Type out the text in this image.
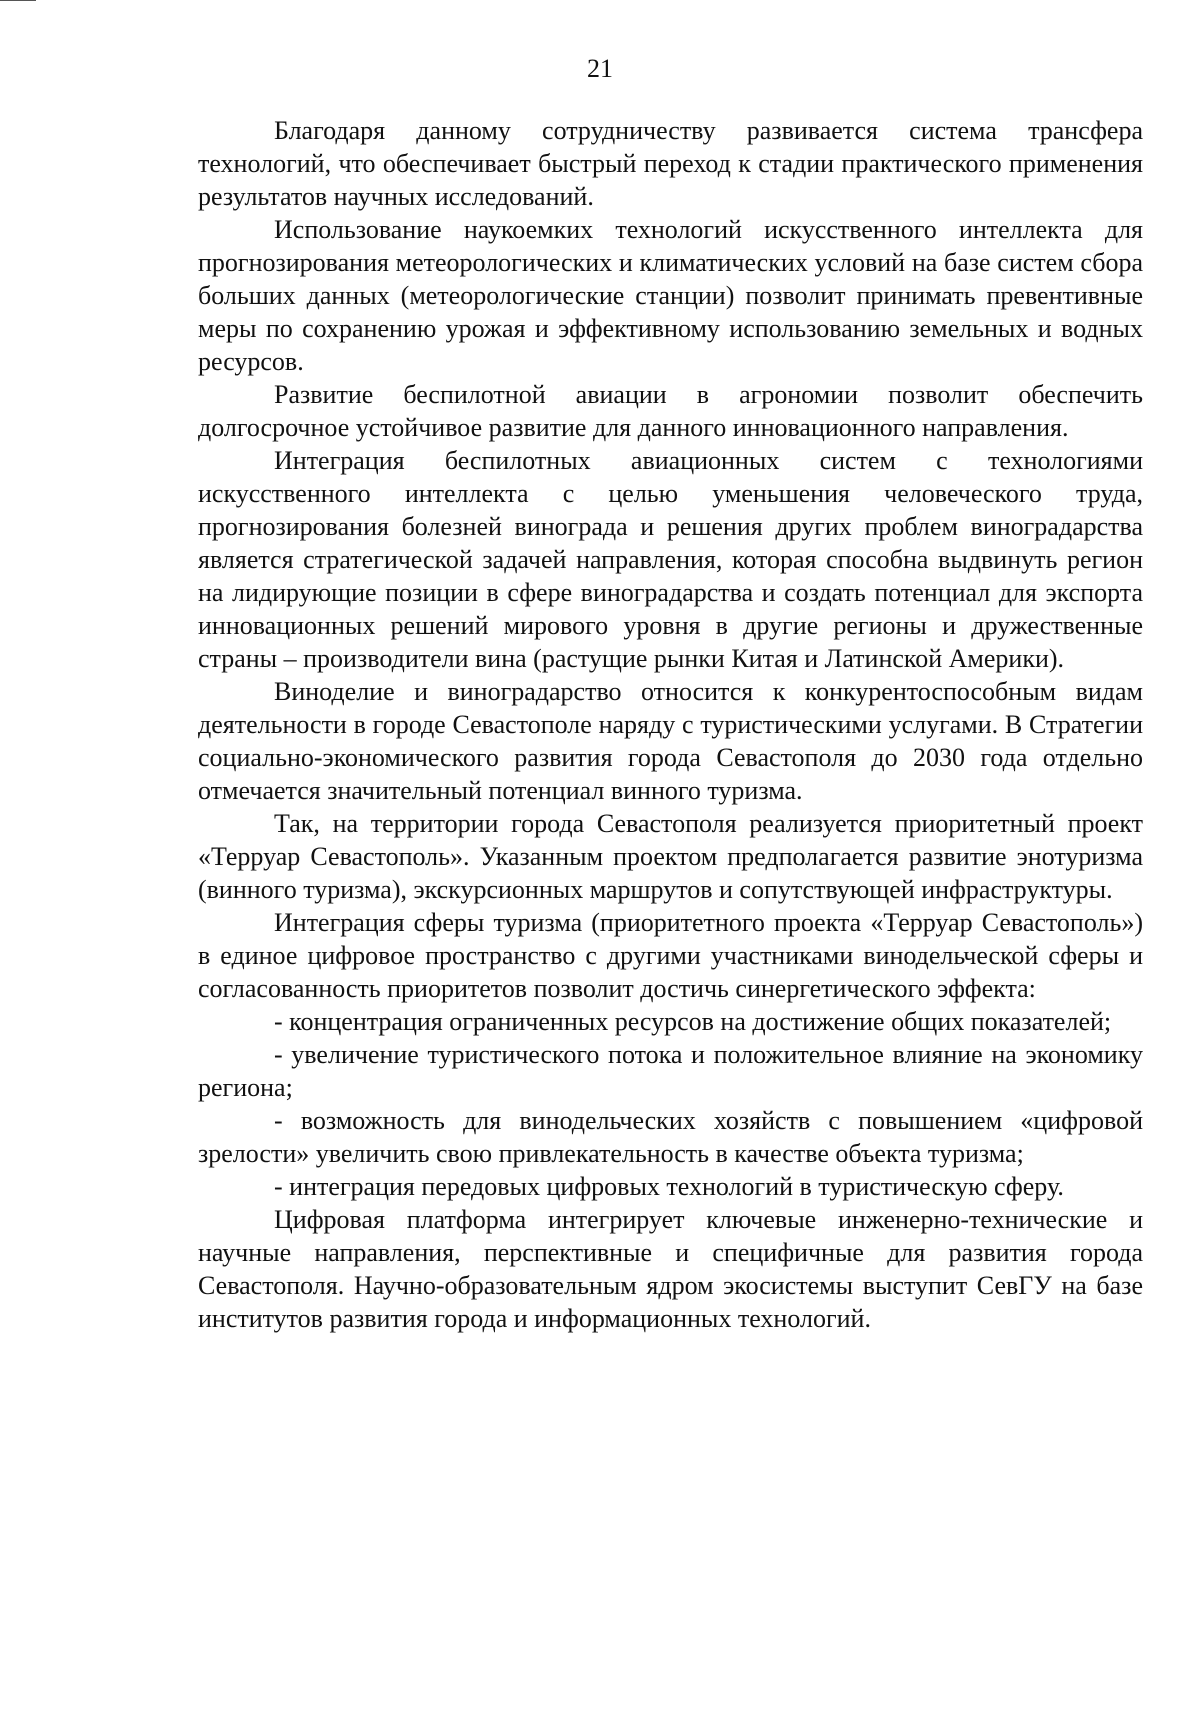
21

Благодаря данному сотрудничеству развивается система трансфера технологий, что обеспечивает быстрый переход к стадии практического применения результатов научных исследований.

Использование наукоемких технологий искусственного интеллекта для прогнозирования метеорологических и климатических условий на базе систем сбора больших данных (метеорологические станции) позволит принимать превентивные меры по сохранению урожая и эффективному использованию земельных и водных ресурсов.

Развитие беспилотной авиации в агрономии позволит обеспечить долгосрочное устойчивое развитие для данного инновационного направления.

Интеграция беспилотных авиационных систем с технологиями искусственного интеллекта с целью уменьшения человеческого труда, прогнозирования болезней винограда и решения других проблем виноградарства является стратегической задачей направления, которая способна выдвинуть регион на лидирующие позиции в сфере виноградарства и создать потенциал для экспорта инновационных решений мирового уровня в другие регионы и дружественные страны – производители вина (растущие рынки Китая и Латинской Америки).

Виноделие и виноградарство относится к конкурентоспособным видам деятельности в городе Севастополе наряду с туристическими услугами. В Стратегии социально-экономического развития города Севастополя до 2030 года отдельно отмечается значительный потенциал винного туризма.

Так, на территории города Севастополя реализуется приоритетный проект «Терруар Севастополь». Указанным проектом предполагается развитие энотуризма (винного туризма), экскурсионных маршрутов и сопутствующей инфраструктуры.

Интеграция сферы туризма (приоритетного проекта «Терруар Севастополь») в единое цифровое пространство с другими участниками винодельческой сферы и согласованность приоритетов позволит достичь синергетического эффекта:

- концентрация ограниченных ресурсов на достижение общих показателей;

- увеличение туристического потока и положительное влияние на экономику региона;

- возможность для винодельческих хозяйств с повышением «цифровой зрелости» увеличить свою привлекательность в качестве объекта туризма;

- интеграция передовых цифровых технологий в туристическую сферу.

Цифровая платформа интегрирует ключевые инженерно-технические и научные направления, перспективные и специфичные для развития города Севастополя. Научно-образовательным ядром экосистемы выступит СевГУ на базе институтов развития города и информационных технологий.
